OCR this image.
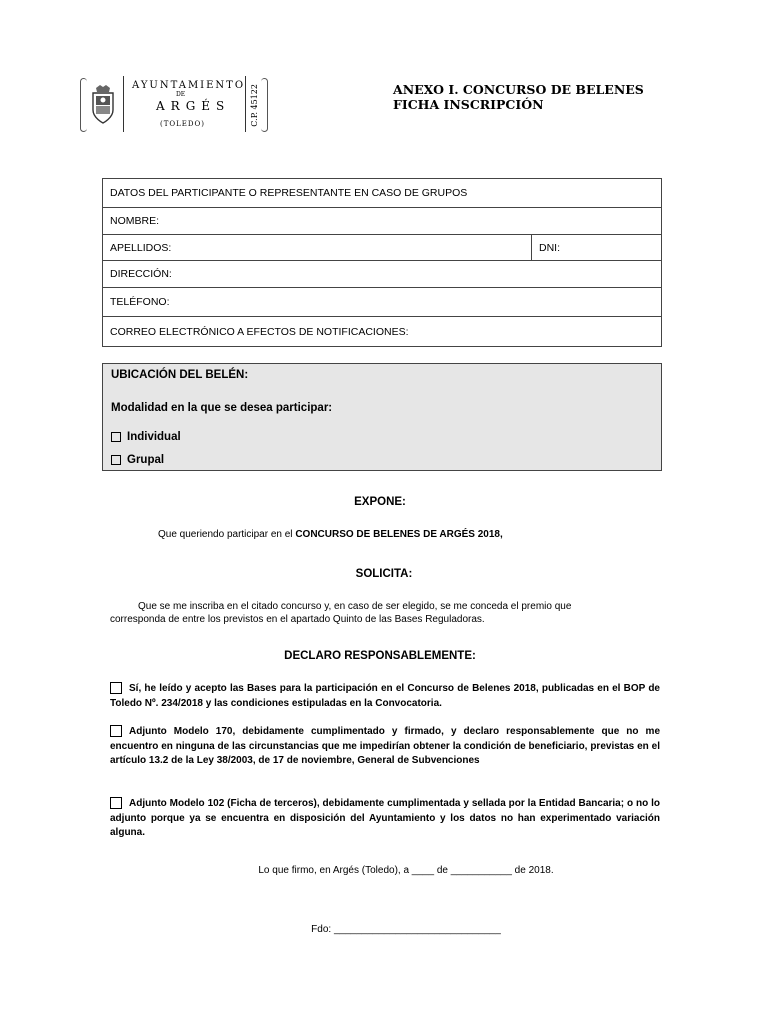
AYUNTAMIENTO
DE
ARGÉS
(TOLEDO)	C.P. 45122	ANEXO I. CONCURSO DE BELENES
FICHA INSCRIPCIÓN
DATOS DEL PARTICIPANTE O REPRESENTANTE EN CASO DE GRUPOS
NOMBRE:
APELLIDOS:	DNI:
DIRECCIÓN:
TELÉFONO:
CORREO ELECTRÓNICO A EFECTOS DE NOTIFICACIONES:
UBICACIÓN DEL BELÉN:
Modalidad en la que se desea participar:
Individual
Grupal
EXPONE:
Que queriendo participar en el CONCURSO DE BELENES DE ARGÉS 2018,
SOLICITA:
Que se me inscriba en el citado concurso y, en caso de ser elegido, se me conceda el premio que
corresponda de entre los previstos en el apartado Quinto de las Bases Reguladoras.
DECLARO RESPONSABLEMENTE:
Sí, he leído y acepto las Bases para la participación en el Concurso de Belenes 2018, publicadas en el BOP de Toledo Nº. 234/2018 y las condiciones estipuladas en la Convocatoria.
Adjunto Modelo 170, debidamente cumplimentado y firmado, y declaro responsablemente que no me encuentro en ninguna de las circunstancias que me impedirían obtener la condición de beneficiario, previstas en el artículo 13.2 de la Ley 38/2003, de 17 de noviembre, General de Subvenciones
Adjunto Modelo 102 (Ficha de terceros), debidamente cumplimentada y sellada por la Entidad Bancaria; o no lo adjunto porque ya se encuentra en disposición del Ayuntamiento y los datos no han experimentado variación alguna.
Lo que firmo, en Argés (Toledo), a ____ de ___________ de 2018.
Fdo: ______________________________
